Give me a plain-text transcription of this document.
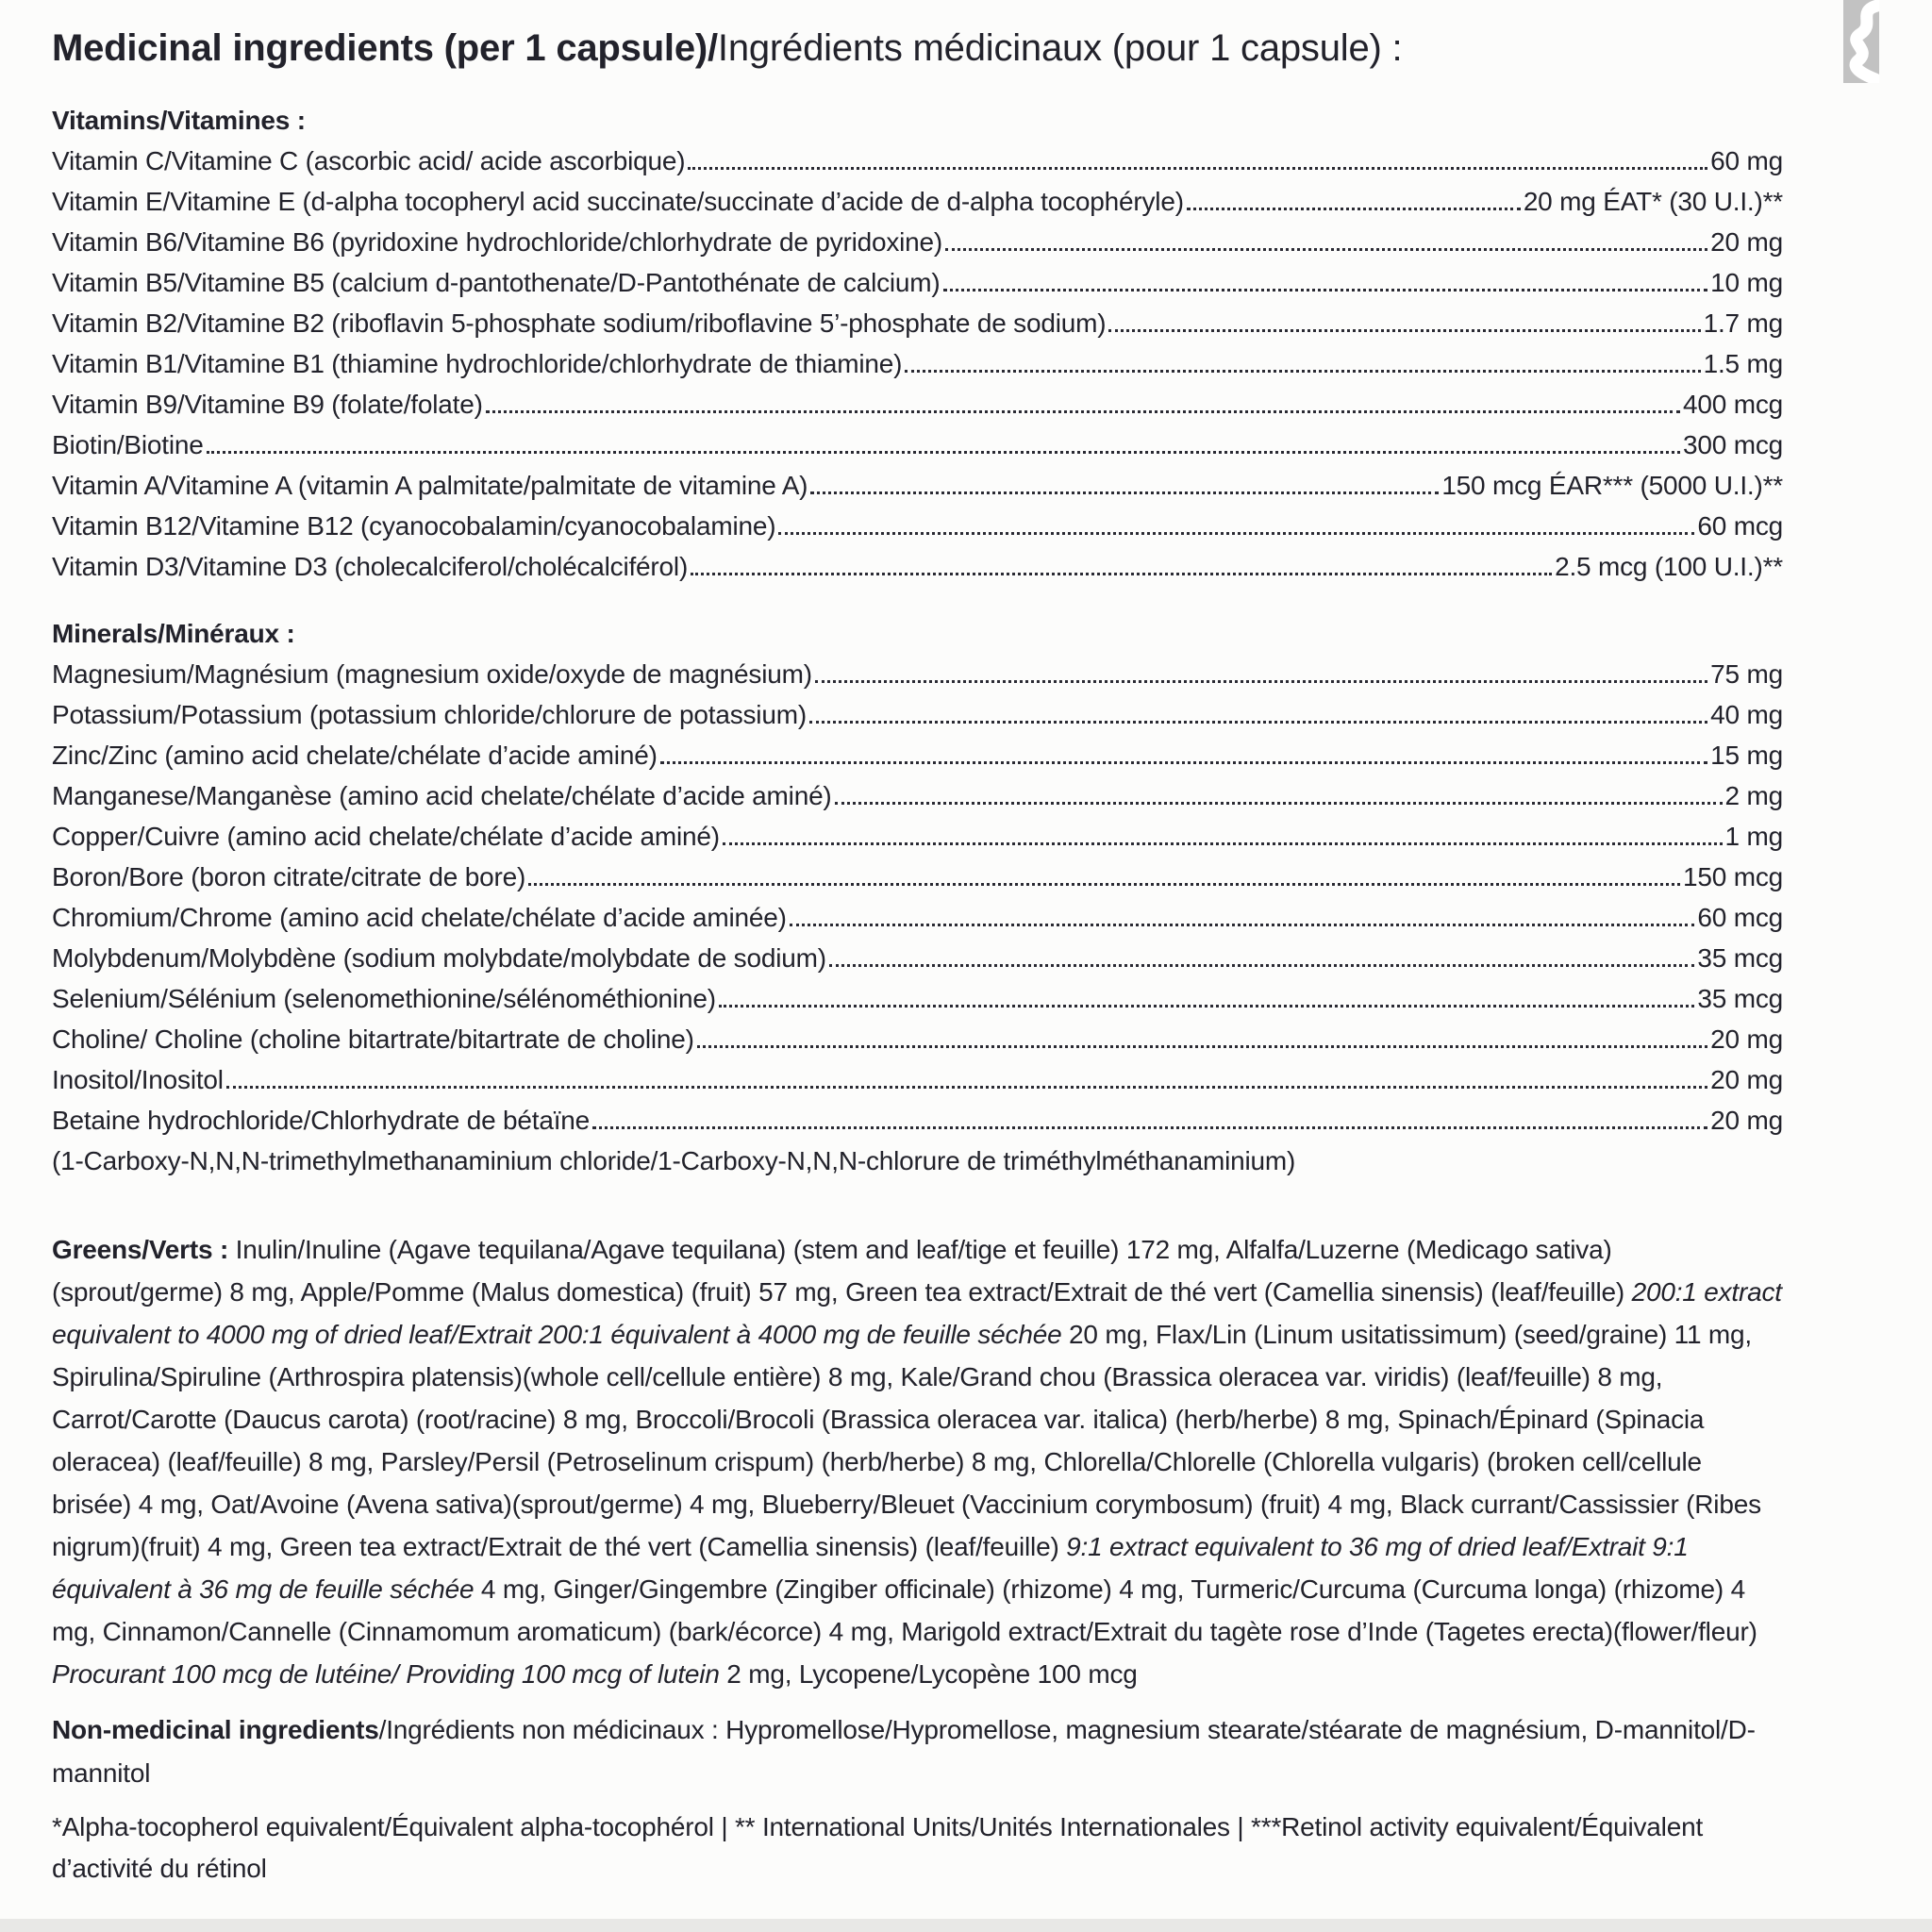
Medicinal ingredients (per 1 capsule)/Ingrédients médicinaux (pour 1 capsule) :
Vitamins/Vitamines :
Vitamin C/Vitamine C (ascorbic acid/ acide ascorbique)	60 mg
Vitamin E/Vitamine E (d-alpha tocopheryl acid succinate/succinate d’acide de d-alpha tocophéryle)	20 mg ÉAT* (30 U.I.)**
Vitamin B6/Vitamine B6 (pyridoxine hydrochloride/chlorhydrate de pyridoxine)	20 mg
Vitamin B5/Vitamine B5 (calcium d-pantothenate/D-Pantothénate de calcium)	10 mg
Vitamin B2/Vitamine B2 (riboflavin 5-phosphate sodium/riboflavine 5’-phosphate de sodium)	1.7 mg
Vitamin B1/Vitamine B1 (thiamine hydrochloride/chlorhydrate de thiamine)	1.5 mg
Vitamin B9/Vitamine B9 (folate/folate)	400 mcg
Biotin/Biotine	300 mcg
Vitamin A/Vitamine A (vitamin A palmitate/palmitate de vitamine A)	150 mcg ÉAR*** (5000 U.I.)**
Vitamin B12/Vitamine B12 (cyanocobalamin/cyanocobalamine)	60 mcg
Vitamin D3/Vitamine D3 (cholecalciferol/cholécalciférol)	2.5 mcg (100 U.I.)**
Minerals/Minéraux :
Magnesium/Magnésium (magnesium oxide/oxyde de magnésium)	75 mg
Potassium/Potassium (potassium chloride/chlorure de potassium)	40 mg
Zinc/Zinc (amino acid chelate/chélate d’acide aminé)	15 mg
Manganese/Manganèse (amino acid chelate/chélate d’acide aminé)	2 mg
Copper/Cuivre (amino acid chelate/chélate d’acide aminé)	1 mg
Boron/Bore (boron citrate/citrate de bore)	150 mcg
Chromium/Chrome (amino acid chelate/chélate d’acide aminée)	60 mcg
Molybdenum/Molybdène (sodium molybdate/molybdate de sodium)	35 mcg
Selenium/Sélénium (selenomethionine/sélénométhionine)	35 mcg
Choline/ Choline (choline bitartrate/bitartrate de choline)	20 mg
Inositol/Inositol	20 mg
Betaine hydrochloride/Chlorhydrate de bétaïne	20 mg
(1-Carboxy-N,N,N-trimethylmethanaminium chloride/1-Carboxy-N,N,N-chlorure de triméthylméthanaminium)

Greens/Verts : Inulin/Inuline (Agave tequilana/Agave tequilana) (stem and leaf/tige et feuille) 172 mg, Alfalfa/Luzerne (Medicago sativa) (sprout/germe) 8 mg, Apple/Pomme (Malus domestica) (fruit) 57 mg, Green tea extract/Extrait de thé vert (Camellia sinensis) (leaf/feuille) 200:1 extract equivalent to 4000 mg of dried leaf/Extrait 200:1 équivalent à 4000 mg de feuille séchée 20 mg, Flax/Lin (Linum usitatissimum) (seed/graine) 11 mg, Spirulina/Spiruline (Arthrospira platensis)(whole cell/cellule entière) 8 mg, Kale/Grand chou (Brassica oleracea var. viridis) (leaf/feuille) 8 mg, Carrot/Carotte (Daucus carota) (root/racine) 8 mg, Broccoli/Brocoli (Brassica oleracea var. italica) (herb/herbe) 8 mg, Spinach/Épinard (Spinacia oleracea) (leaf/feuille) 8 mg, Parsley/Persil (Petroselinum crispum) (herb/herbe) 8 mg, Chlorella/Chlorelle (Chlorella vulgaris) (broken cell/cellule brisée) 4 mg, Oat/Avoine (Avena sativa)(sprout/germe) 4 mg, Blueberry/Bleuet (Vaccinium corymbosum) (fruit) 4 mg, Black currant/Cassissier (Ribes nigrum)(fruit) 4 mg, Green tea extract/Extrait de thé vert (Camellia sinensis) (leaf/feuille) 9:1 extract equivalent to 36 mg of dried leaf/Extrait 9:1 équivalent à 36 mg de feuille séchée 4 mg, Ginger/Gingembre (Zingiber officinale) (rhizome) 4 mg, Turmeric/Curcuma (Curcuma longa) (rhizome) 4 mg, Cinnamon/Cannelle (Cinnamomum aromaticum) (bark/écorce) 4 mg, Marigold extract/Extrait du tagète rose d’Inde (Tagetes erecta)(flower/fleur) Procurant 100 mcg de lutéine/ Providing 100 mcg of lutein 2 mg, Lycopene/Lycopène 100 mcg

Non-medicinal ingredients/Ingrédients non médicinaux : Hypromellose/Hypromellose, magnesium stearate/stéarate de magnésium, D-mannitol/D-mannitol

*Alpha-tocopherol equivalent/Équivalent alpha-tocophérol | ** International Units/Unités Internationales | ***Retinol activity equivalent/Équivalent d’activité du rétinol
